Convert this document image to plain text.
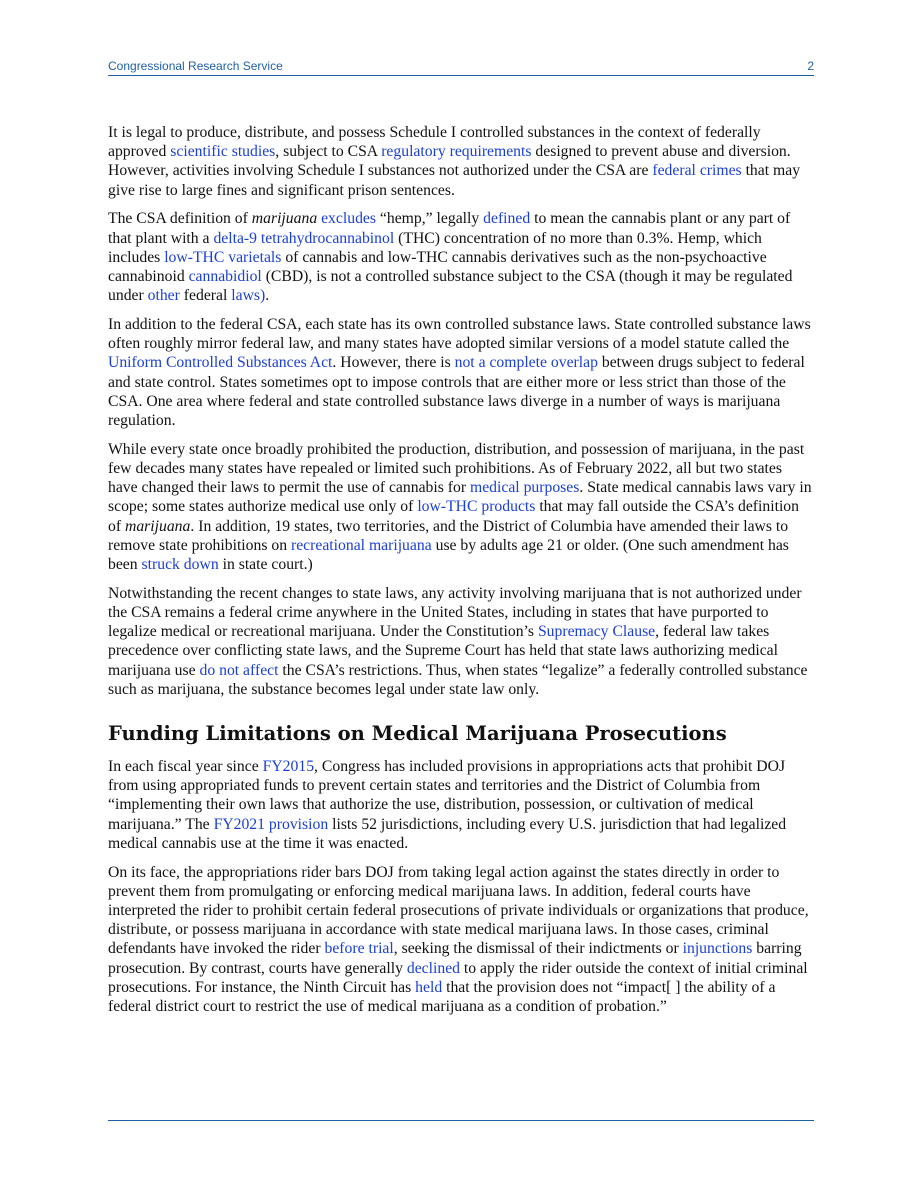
Congressional Research Service	2

It is legal to produce, distribute, and possess Schedule I controlled substances in the context of federally approved scientific studies, subject to CSA regulatory requirements designed to prevent abuse and diversion. However, activities involving Schedule I substances not authorized under the CSA are federal crimes that may give rise to large fines and significant prison sentences.

The CSA definition of marijuana excludes “hemp,” legally defined to mean the cannabis plant or any part of that plant with a delta-9 tetrahydrocannabinol (THC) concentration of no more than 0.3%. Hemp, which includes low-THC varietals of cannabis and low-THC cannabis derivatives such as the non-psychoactive cannabinoid cannabidiol (CBD), is not a controlled substance subject to the CSA (though it may be regulated under other federal laws).

In addition to the federal CSA, each state has its own controlled substance laws. State controlled substance laws often roughly mirror federal law, and many states have adopted similar versions of a model statute called the Uniform Controlled Substances Act. However, there is not a complete overlap between drugs subject to federal and state control. States sometimes opt to impose controls that are either more or less strict than those of the CSA. One area where federal and state controlled substance laws diverge in a number of ways is marijuana regulation.

While every state once broadly prohibited the production, distribution, and possession of marijuana, in the past few decades many states have repealed or limited such prohibitions. As of February 2022, all but two states have changed their laws to permit the use of cannabis for medical purposes. State medical cannabis laws vary in scope; some states authorize medical use only of low-THC products that may fall outside the CSA’s definition of marijuana. In addition, 19 states, two territories, and the District of Columbia have amended their laws to remove state prohibitions on recreational marijuana use by adults age 21 or older. (One such amendment has been struck down in state court.)

Notwithstanding the recent changes to state laws, any activity involving marijuana that is not authorized under the CSA remains a federal crime anywhere in the United States, including in states that have purported to legalize medical or recreational marijuana. Under the Constitution’s Supremacy Clause, federal law takes precedence over conflicting state laws, and the Supreme Court has held that state laws authorizing medical marijuana use do not affect the CSA’s restrictions. Thus, when states “legalize” a federally controlled substance such as marijuana, the substance becomes legal under state law only.

Funding Limitations on Medical Marijuana Prosecutions

In each fiscal year since FY2015, Congress has included provisions in appropriations acts that prohibit DOJ from using appropriated funds to prevent certain states and territories and the District of Columbia from “implementing their own laws that authorize the use, distribution, possession, or cultivation of medical marijuana.” The FY2021 provision lists 52 jurisdictions, including every U.S. jurisdiction that had legalized medical cannabis use at the time it was enacted.

On its face, the appropriations rider bars DOJ from taking legal action against the states directly in order to prevent them from promulgating or enforcing medical marijuana laws. In addition, federal courts have interpreted the rider to prohibit certain federal prosecutions of private individuals or organizations that produce, distribute, or possess marijuana in accordance with state medical marijuana laws. In those cases, criminal defendants have invoked the rider before trial, seeking the dismissal of their indictments or injunctions barring prosecution. By contrast, courts have generally declined to apply the rider outside the context of initial criminal prosecutions. For instance, the Ninth Circuit has held that the provision does not “impact[ ] the ability of a federal district court to restrict the use of medical marijuana as a condition of probation.”
